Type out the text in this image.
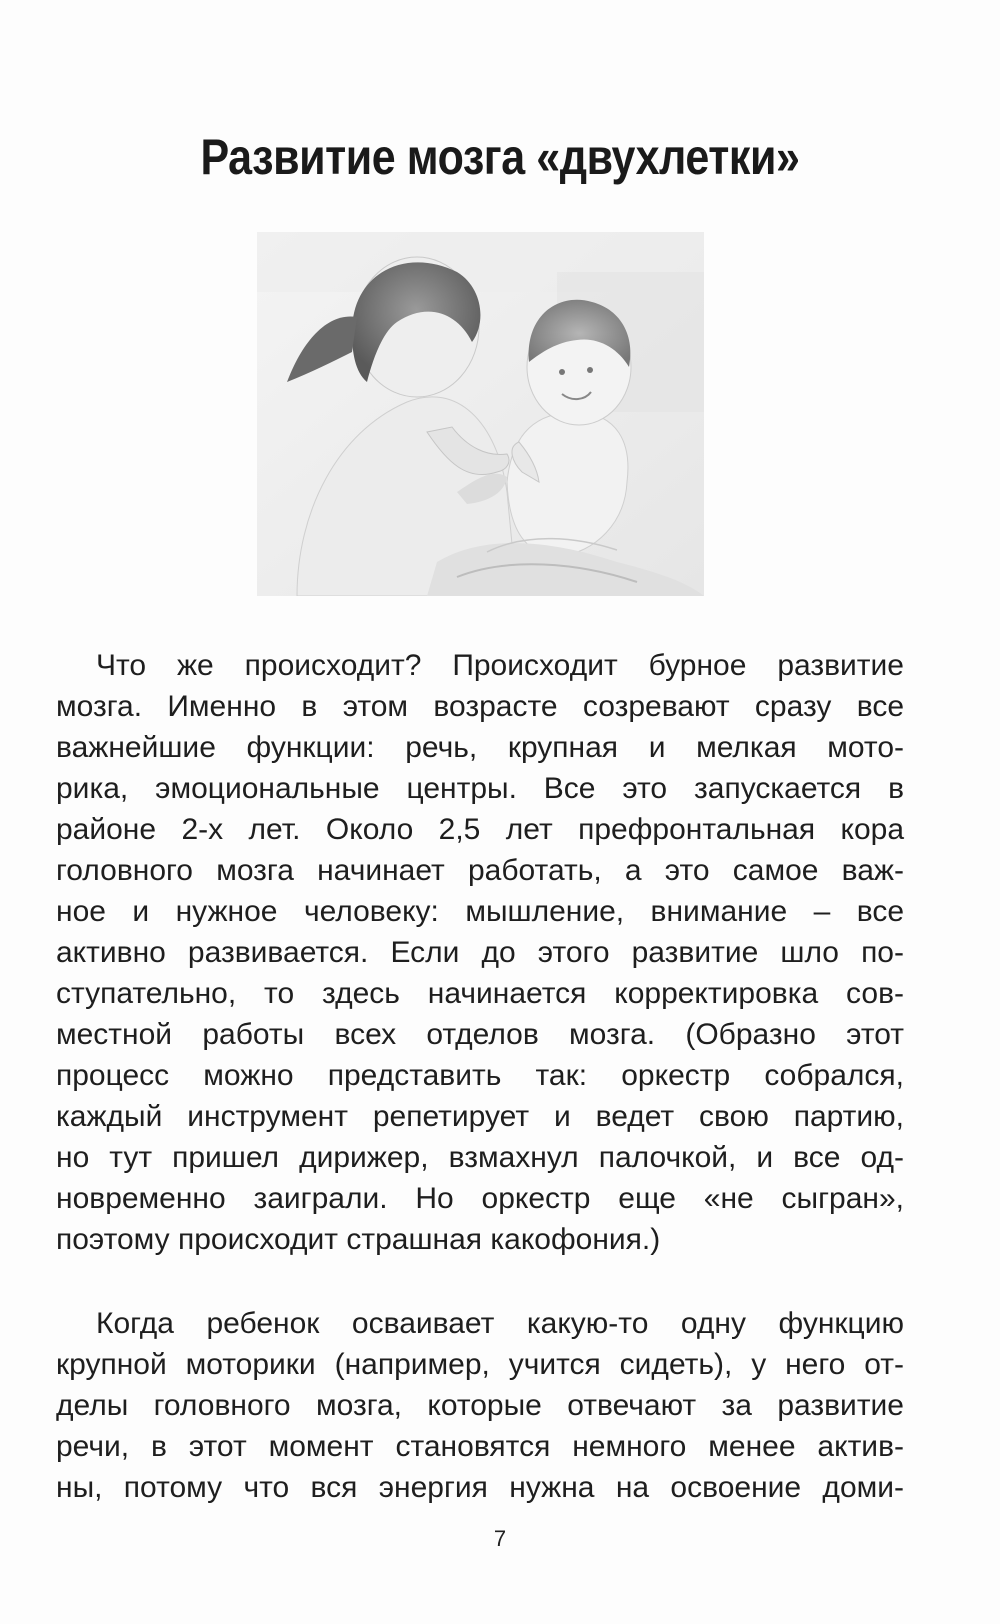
Развитие мозга «двухлетки»
Что же происходит? Происходит бурное развитие
мозга. Именно в этом возрасте созревают сразу все
важнейшие функции: речь, крупная и мелкая мото-
рика, эмоциональные центры. Все это запускается в
районе 2-х лет. Около 2,5 лет префронтальная кора
головного мозга начинает работать, а это самое важ-
ное и нужное человеку: мышление, внимание – все
активно развивается. Если до этого развитие шло по-
ступательно, то здесь начинается корректировка сов-
местной работы всех отделов мозга. (Образно этот
процесс можно представить так: оркестр собрался,
каждый инструмент репетирует и ведет свою партию,
но тут пришел дирижер, взмахнул палочкой, и все од-
новременно заиграли. Но оркестр еще «не сыгран»,
поэтому происходит страшная какофония.)
Когда ребенок осваивает какую-то одну функцию
крупной моторики (например, учится сидеть), у него от-
делы головного мозга, которые отвечают за развитие
речи, в этот момент становятся немного менее актив-
ны, потому что вся энергия нужна на освоение доми-
7
